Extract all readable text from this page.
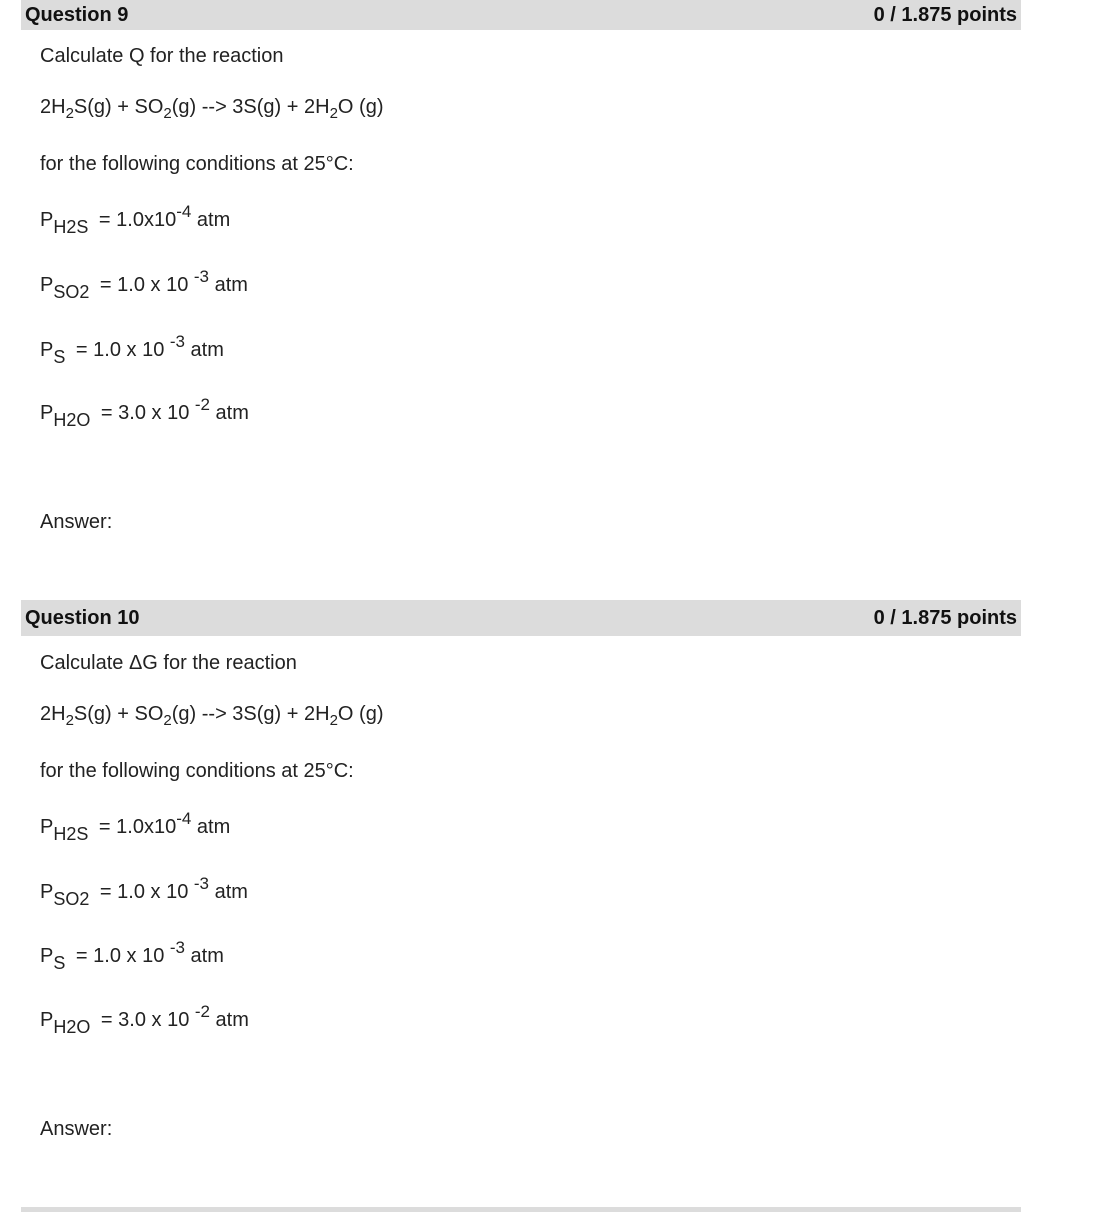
Question 9	0 / 1.875 points
Calculate Q for the reaction
$2H_2S(g) + SO_2(g)$ --> $3S(g) + 2H_2O$ (g)
for the following conditions at 25°C:
$PH2S = 1.0x10^{-4}$ atm
PSO2 = 1.0 x 10 $^{-3}$ atm
PS = 1.0 x 10 $^{-3}$ atm
PH2O = 3.0 x 10 $^{-2}$ atm
Answer:
Question 10	0 / 1.875 points
Calculate ΔG for the reaction
$2H_2S(g) + SO_2(g)$ --> $3S(g) + 2H_2O$ (g)
for the following conditions at 25°C:
$PH2S = 1.0x10^{-4}$ atm
PSO2 = 1.0 x 10 $^{-3}$ atm
PS = 1.0 x 10 $^{-3}$ atm
PH2O = 3.0 x 10 $^{-2}$ atm
Answer:
